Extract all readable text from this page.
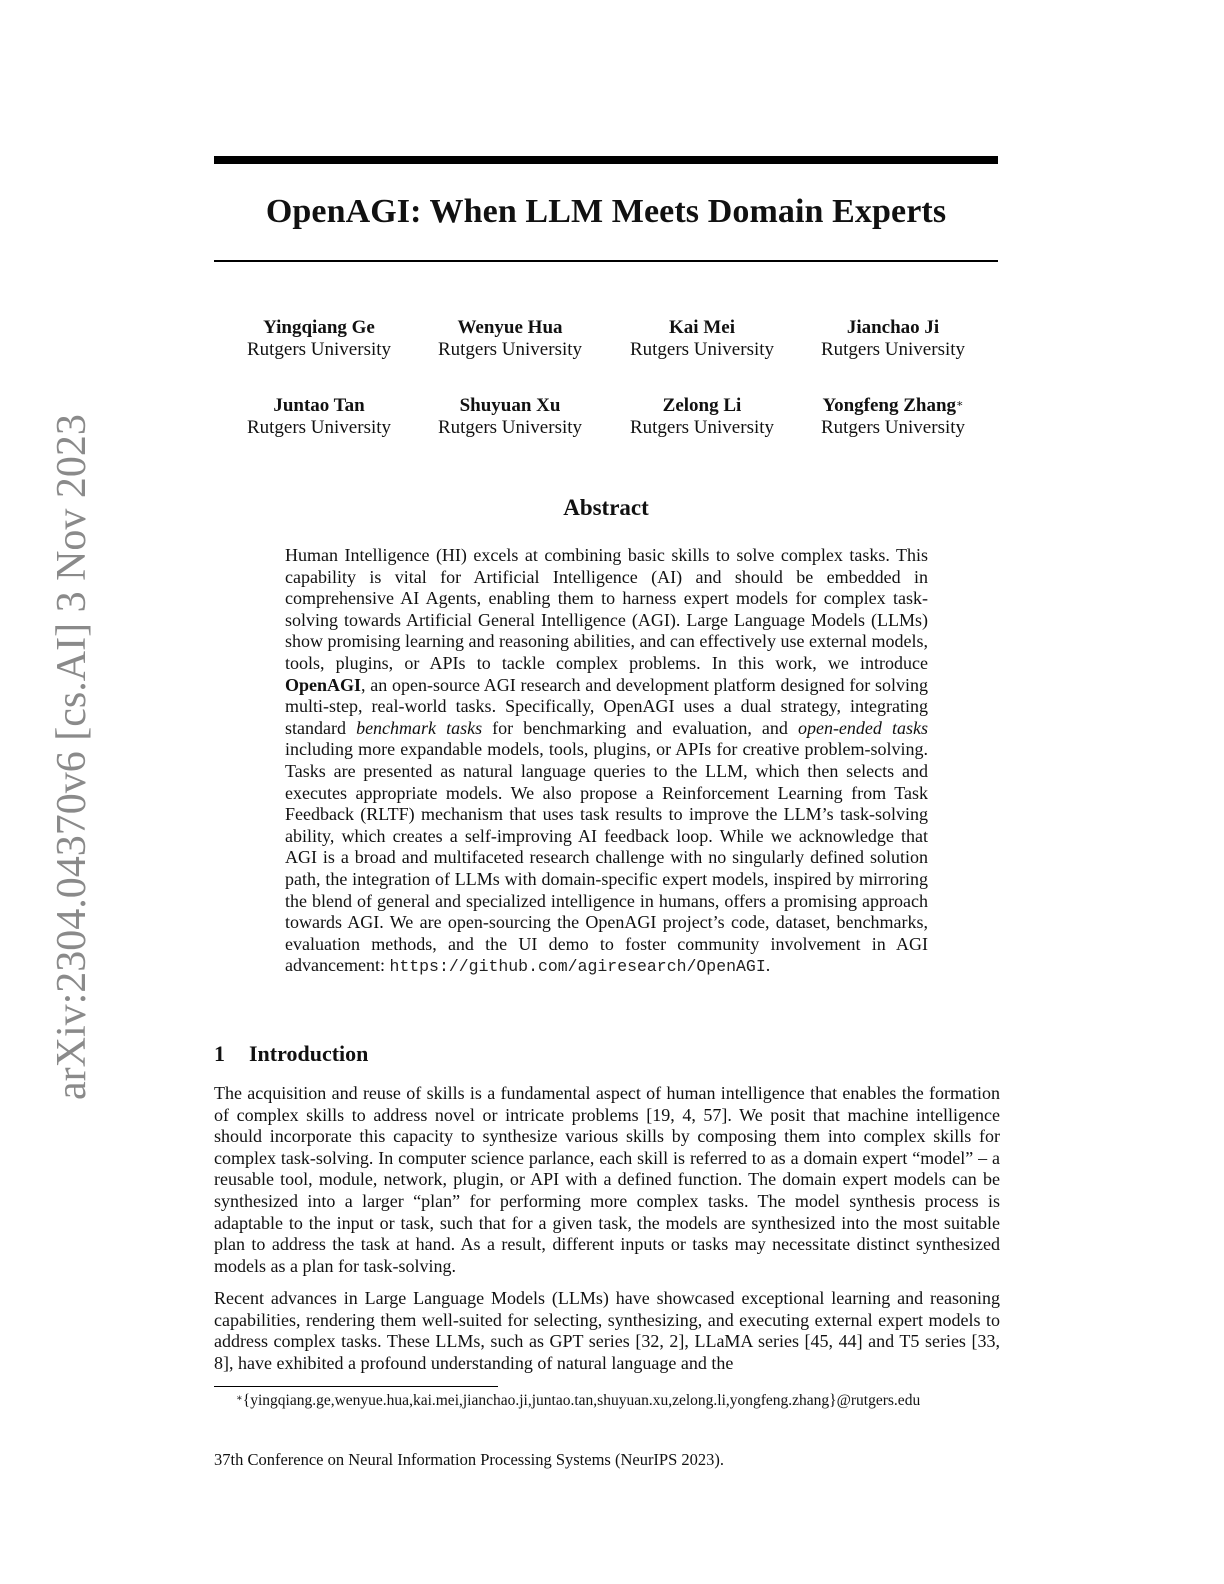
arXiv:2304.04370v6 [cs.AI] 3 Nov 2023
OpenAGI: When LLM Meets Domain Experts
Yingqiang Ge
Rutgers University
Wenyue Hua
Rutgers University
Kai Mei
Rutgers University
Jianchao Ji
Rutgers University
Juntao Tan
Rutgers University
Shuyuan Xu
Rutgers University
Zelong Li
Rutgers University
Yongfeng Zhang∗
Rutgers University
Abstract
Human Intelligence (HI) excels at combining basic skills to solve complex tasks. This capability is vital for Artificial Intelligence (AI) and should be embedded in comprehensive AI Agents, enabling them to harness expert models for complex task-solving towards Artificial General Intelligence (AGI). Large Language Models (LLMs) show promising learning and reasoning abilities, and can effectively use external models, tools, plugins, or APIs to tackle complex problems. In this work, we introduce OpenAGI, an open-source AGI research and development platform designed for solving multi-step, real-world tasks. Specifically, OpenAGI uses a dual strategy, integrating standard benchmark tasks for benchmarking and evaluation, and open-ended tasks including more expandable models, tools, plugins, or APIs for creative problem-solving. Tasks are presented as natural language queries to the LLM, which then selects and executes appropriate models. We also propose a Reinforcement Learning from Task Feedback (RLTF) mechanism that uses task results to improve the LLM’s task-solving ability, which creates a self-improving AI feedback loop. While we acknowledge that AGI is a broad and multifaceted research challenge with no singularly defined solution path, the integration of LLMs with domain-specific expert models, inspired by mirroring the blend of general and specialized intelligence in humans, offers a promising approach towards AGI. We are open-sourcing the OpenAGI project’s code, dataset, benchmarks, evaluation methods, and the UI demo to foster community involvement in AGI advancement: https://github.com/agiresearch/OpenAGI.
1 Introduction
The acquisition and reuse of skills is a fundamental aspect of human intelligence that enables the formation of complex skills to address novel or intricate problems [19, 4, 57]. We posit that machine intelligence should incorporate this capacity to synthesize various skills by composing them into complex skills for complex task-solving. In computer science parlance, each skill is referred to as a domain expert “model” – a reusable tool, module, network, plugin, or API with a defined function. The domain expert models can be synthesized into a larger “plan” for performing more complex tasks. The model synthesis process is adaptable to the input or task, such that for a given task, the models are synthesized into the most suitable plan to address the task at hand. As a result, different inputs or tasks may necessitate distinct synthesized models as a plan for task-solving.
Recent advances in Large Language Models (LLMs) have showcased exceptional learning and reasoning capabilities, rendering them well-suited for selecting, synthesizing, and executing external expert models to address complex tasks. These LLMs, such as GPT series [32, 2], LLaMA series [45, 44] and T5 series [33, 8], have exhibited a profound understanding of natural language and the
∗{yingqiang.ge,wenyue.hua,kai.mei,jianchao.ji,juntao.tan,shuyuan.xu,zelong.li,yongfeng.zhang}@rutgers.edu
37th Conference on Neural Information Processing Systems (NeurIPS 2023).
